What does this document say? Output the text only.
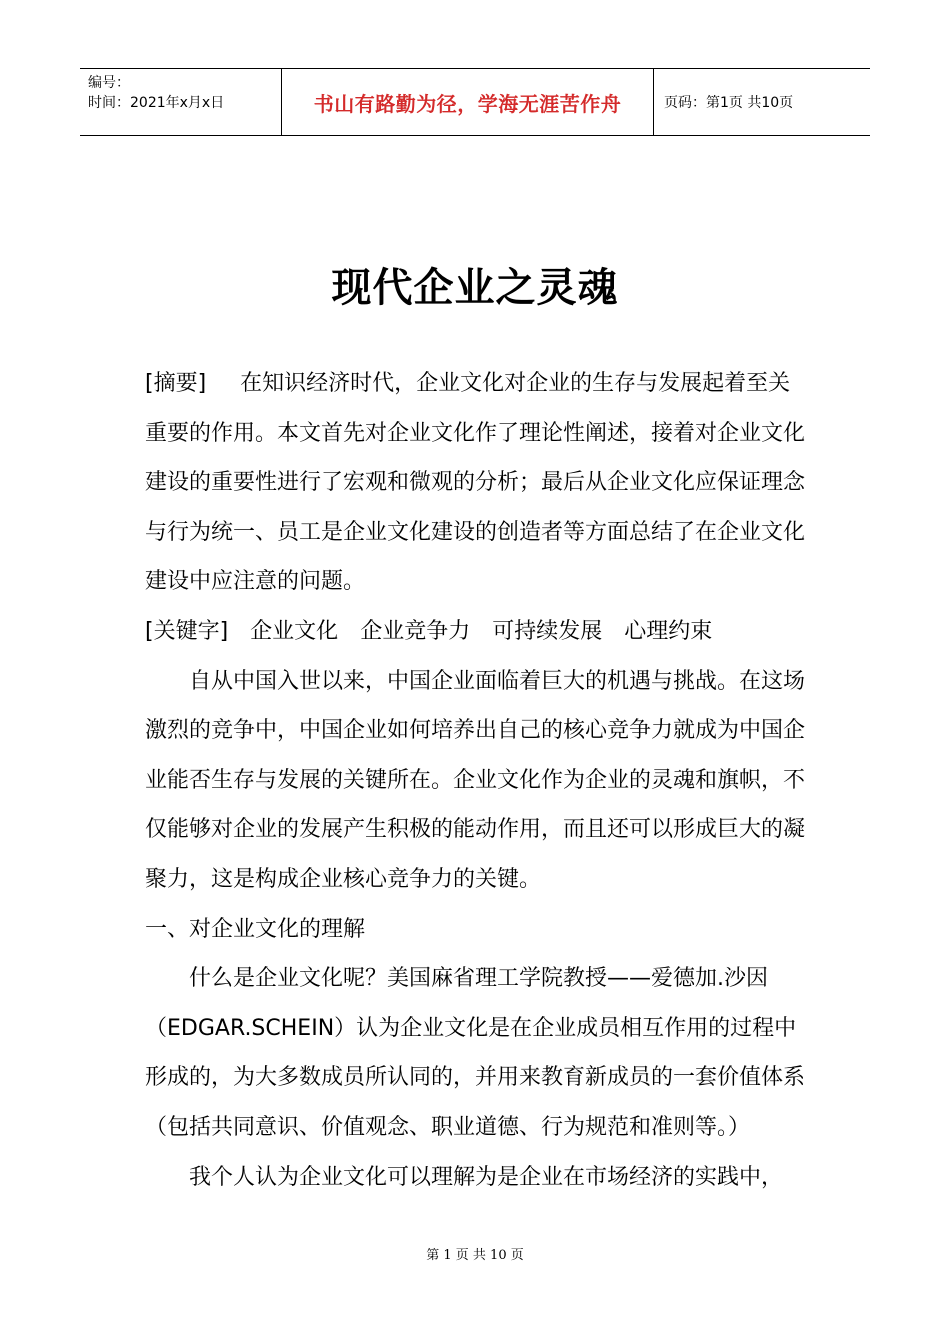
编号：
时间：2021年x月x日	书山有路勤为径，学海无涯苦作舟	页码：第1页 共10页
现代企业之灵魂

[摘要] 在知识经济时代，企业文化对企业的生存与发展起着至关重要的作用。本文首先对企业文化作了理论性阐述，接着对企业文化建设的重要性进行了宏观和微观的分析；最后从企业文化应保证理念与行为统一、员工是企业文化建设的创造者等方面总结了在企业文化建设中应注意的问题。

[关键字] 企业文化 企业竞争力 可持续发展 心理约束

自从中国入世以来，中国企业面临着巨大的机遇与挑战。在这场激烈的竞争中，中国企业如何培养出自己的核心竞争力就成为中国企业能否生存与发展的关键所在。企业文化作为企业的灵魂和旗帜，不仅能够对企业的发展产生积极的能动作用，而且还可以形成巨大的凝聚力，这是构成企业核心竞争力的关键。

一、对企业文化的理解

什么是企业文化呢？美国麻省理工学院教授——爱德加.沙因（EDGAR.SCHEIN）认为企业文化是在企业成员相互作用的过程中形成的，为大多数成员所认同的，并用来教育新成员的一套价值体系（包括共同意识、价值观念、职业道德、行为规范和准则等。）

我个人认为企业文化可以理解为是企业在市场经济的实践中，

第 1 页 共 10 页
